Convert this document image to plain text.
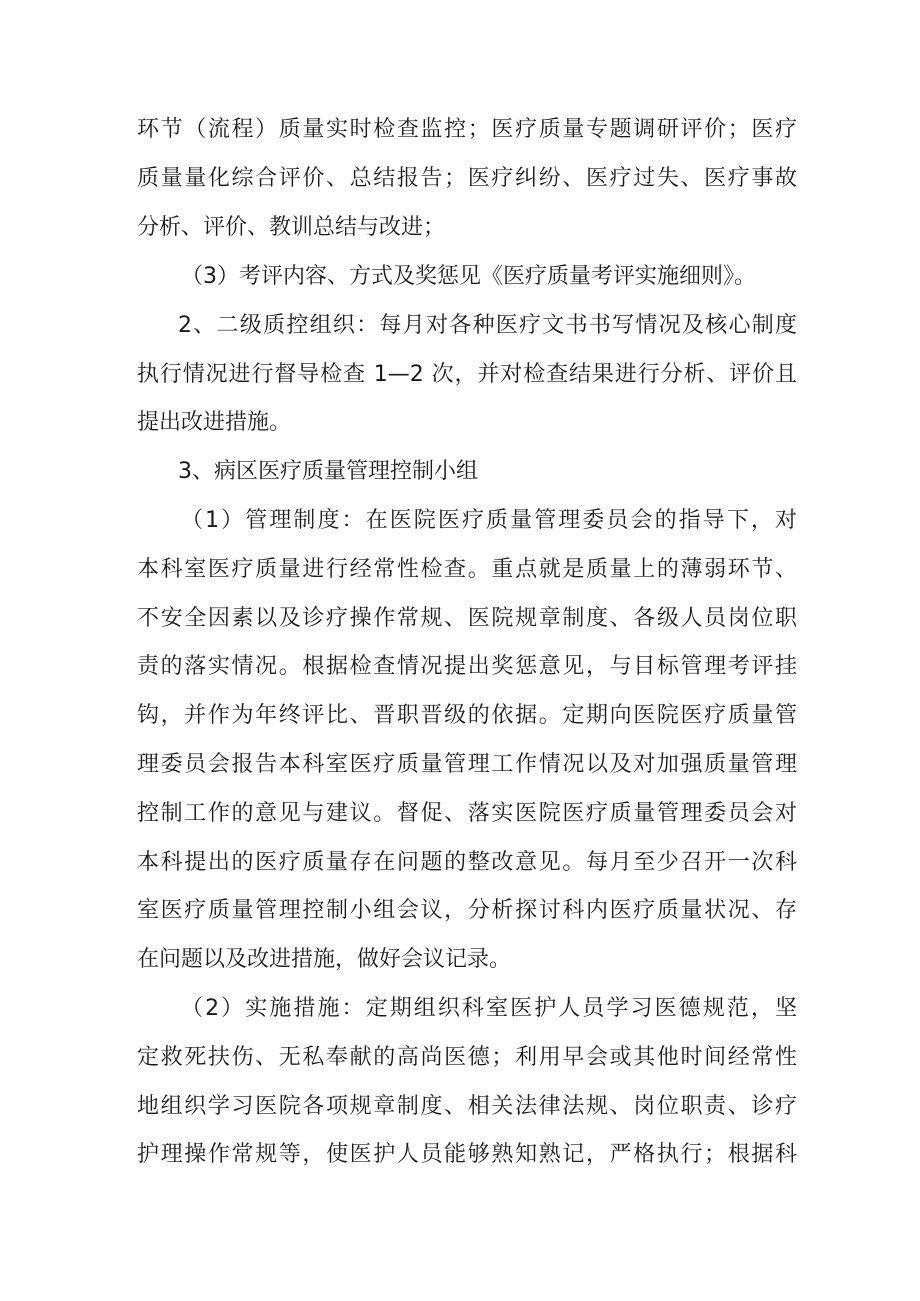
环节（流程）质量实时检查监控；医疗质量专题调研评价；医疗
质量量化综合评价、总结报告；医疗纠纷、医疗过失、医疗事故
分析、评价、教训总结与改进；
（3）考评内容、方式及奖惩见《医疗质量考评实施细则》。
2、二级质控组织：每月对各种医疗文书书写情况及核心制度
执行情况进行督导检查 1—2 次，并对检查结果进行分析、评价且
提出改进措施。
3、病区医疗质量管理控制小组
（1）管理制度：在医院医疗质量管理委员会的指导下，对
本科室医疗质量进行经常性检查。重点就是质量上的薄弱环节、
不安全因素以及诊疗操作常规、医院规章制度、各级人员岗位职
责的落实情况。根据检查情况提出奖惩意见，与目标管理考评挂
钩，并作为年终评比、晋职晋级的依据。定期向医院医疗质量管
理委员会报告本科室医疗质量管理工作情况以及对加强质量管理
控制工作的意见与建议。督促、落实医院医疗质量管理委员会对
本科提出的医疗质量存在问题的整改意见。每月至少召开一次科
室医疗质量管理控制小组会议，分析探讨科内医疗质量状况、存
在问题以及改进措施，做好会议记录。
（2）实施措施：定期组织科室医护人员学习医德规范，坚
定救死扶伤、无私奉献的高尚医德；利用早会或其他时间经常性
地组织学习医院各项规章制度、相关法律法规、岗位职责、诊疗
护理操作常规等，使医护人员能够熟知熟记，严格执行；根据科
